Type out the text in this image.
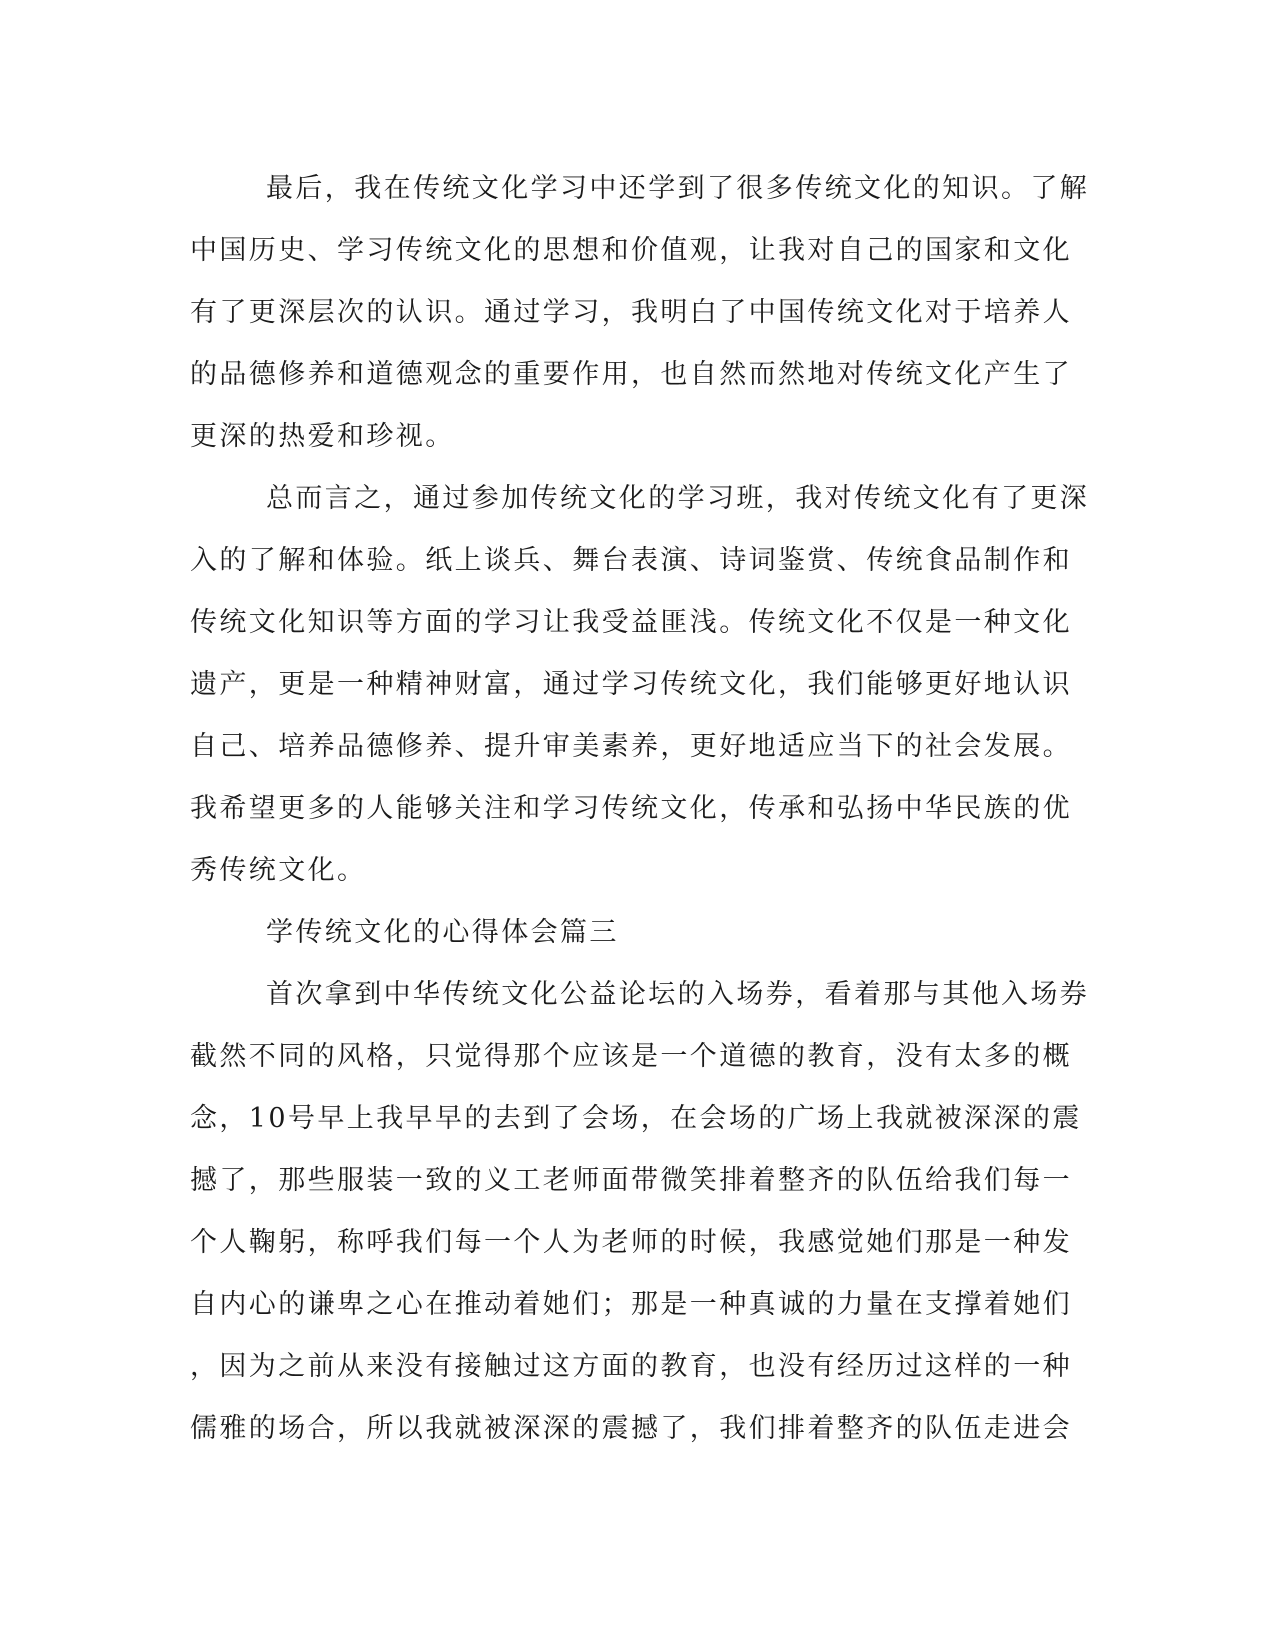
最后，我在传统文化学习中还学到了很多传统文化的知识。了解
中国历史、学习传统文化的思想和价值观，让我对自己的国家和文化
有了更深层次的认识。通过学习，我明白了中国传统文化对于培养人
的品德修养和道德观念的重要作用，也自然而然地对传统文化产生了
更深的热爱和珍视。
总而言之，通过参加传统文化的学习班，我对传统文化有了更深
入的了解和体验。纸上谈兵、舞台表演、诗词鉴赏、传统食品制作和
传统文化知识等方面的学习让我受益匪浅。传统文化不仅是一种文化
遗产，更是一种精神财富，通过学习传统文化，我们能够更好地认识
自己、培养品德修养、提升审美素养，更好地适应当下的社会发展。
我希望更多的人能够关注和学习传统文化，传承和弘扬中华民族的优
秀传统文化。
学传统文化的心得体会篇三
首次拿到中华传统文化公益论坛的入场券，看着那与其他入场券
截然不同的风格，只觉得那个应该是一个道德的教育，没有太多的概
念，10号早上我早早的去到了会场，在会场的广场上我就被深深的震
撼了，那些服装一致的义工老师面带微笑排着整齐的队伍给我们每一
个人鞠躬，称呼我们每一个人为老师的时候，我感觉她们那是一种发
自内心的谦卑之心在推动着她们；那是一种真诚的力量在支撑着她们
，因为之前从来没有接触过这方面的教育，也没有经历过这样的一种
儒雅的场合，所以我就被深深的震撼了，我们排着整齐的队伍走进会
